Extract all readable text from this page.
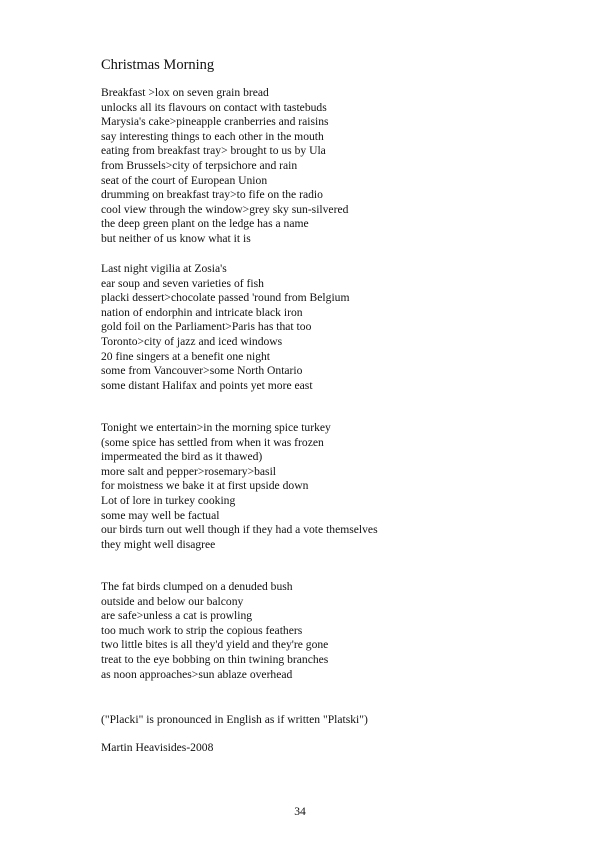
Christmas Morning
Breakfast >lox on seven grain bread
unlocks all its flavours on contact with tastebuds
Marysia's cake>pineapple cranberries and raisins
say interesting things to each other in the mouth
eating from breakfast tray> brought to us by Ula
from Brussels>city of terpsichore and rain
seat of the court of European Union
drumming on breakfast tray>to fife on the radio
cool view through the window>grey sky sun-silvered
the deep green plant on the ledge has a name
but neither of us know what it is
Last night vigilia at Zosia's
ear soup and seven varieties of fish
placki dessert>chocolate passed 'round from Belgium
nation of endorphin and intricate black iron
gold foil on the Parliament>Paris has that too
Toronto>city of jazz and iced windows
20 fine singers at a benefit one night
some from Vancouver>some North Ontario
some distant Halifax and points yet more east
Tonight we entertain>in the morning spice turkey
(some spice has settled from when it was frozen
impermeated the bird as it thawed)
more salt and pepper>rosemary>basil
for moistness we bake it at first upside down
Lot of lore in turkey cooking
some may well be factual
our birds turn out well though if they had a vote themselves
they might well disagree
The fat birds clumped on a denuded bush
outside and below our balcony
are safe>unless a cat is prowling
too much work to strip the copious feathers
two little bites is all they'd yield and they're gone
treat to the eye bobbing on thin twining branches
as noon approaches>sun ablaze overhead
("Placki" is pronounced in English as if written "Platski")
Martin Heavisides-2008
34
